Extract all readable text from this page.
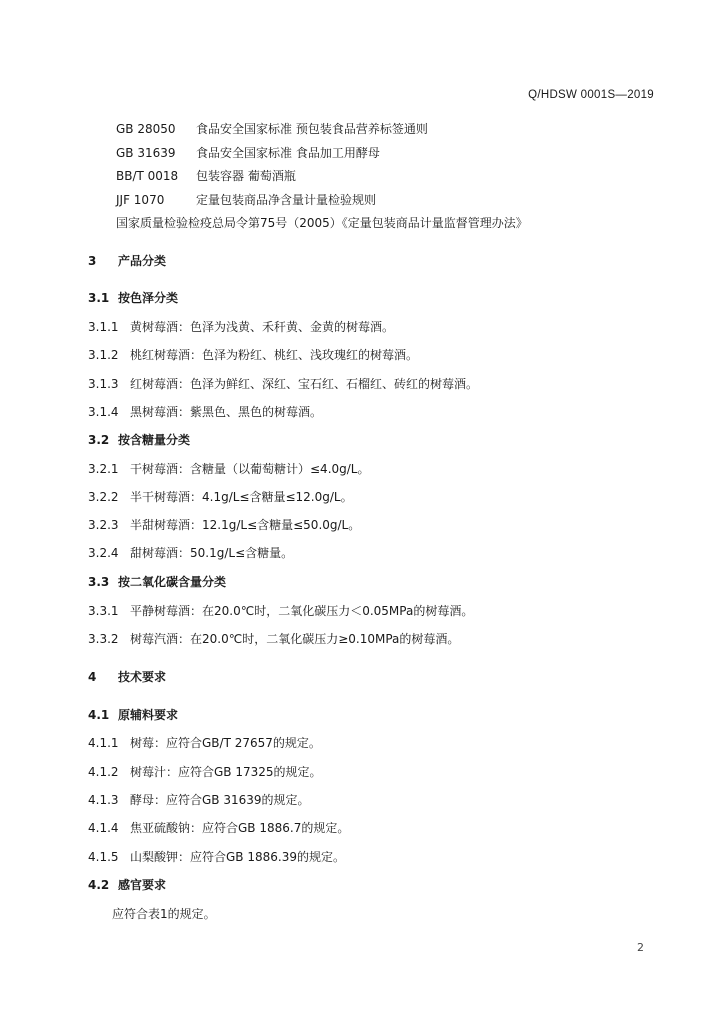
Q/HDSW 0001S—2019
GB 28050	食品安全国家标准 预包装食品营养标签通则
GB 31639	食品安全国家标准 食品加工用酵母
BB/T 0018	包装容器 葡萄酒瓶
JJF 1070	定量包装商品净含量计量检验规则
国家质量检验检疫总局令第75号（2005）《定量包装商品计量监督管理办法》
3 产品分类
3.1 按色泽分类
3.1.1 黄树莓酒：色泽为浅黄、禾秆黄、金黄的树莓酒。
3.1.2 桃红树莓酒：色泽为粉红、桃红、浅玫瑰红的树莓酒。
3.1.3 红树莓酒：色泽为鲜红、深红、宝石红、石榴红、砖红的树莓酒。
3.1.4 黑树莓酒：紫黑色、黑色的树莓酒。
3.2 按含糖量分类
3.2.1 干树莓酒：含糖量（以葡萄糖计）≤4.0g/L。
3.2.2 半干树莓酒：4.1g/L≤含糖量≤12.0g/L。
3.2.3 半甜树莓酒：12.1g/L≤含糖量≤50.0g/L。
3.2.4 甜树莓酒：50.1g/L≤含糖量。
3.3 按二氧化碳含量分类
3.3.1 平静树莓酒：在20.0℃时，二氧化碳压力＜0.05MPa的树莓酒。
3.3.2 树莓汽酒：在20.0℃时，二氧化碳压力≥0.10MPa的树莓酒。
4 技术要求
4.1 原辅料要求
4.1.1 树莓：应符合GB/T 27657的规定。
4.1.2 树莓汁：应符合GB 17325的规定。
4.1.3 酵母：应符合GB 31639的规定。
4.1.4 焦亚硫酸钠：应符合GB 1886.7的规定。
4.1.5 山梨酸钾：应符合GB 1886.39的规定。
4.2 感官要求
应符合表1的规定。
2
